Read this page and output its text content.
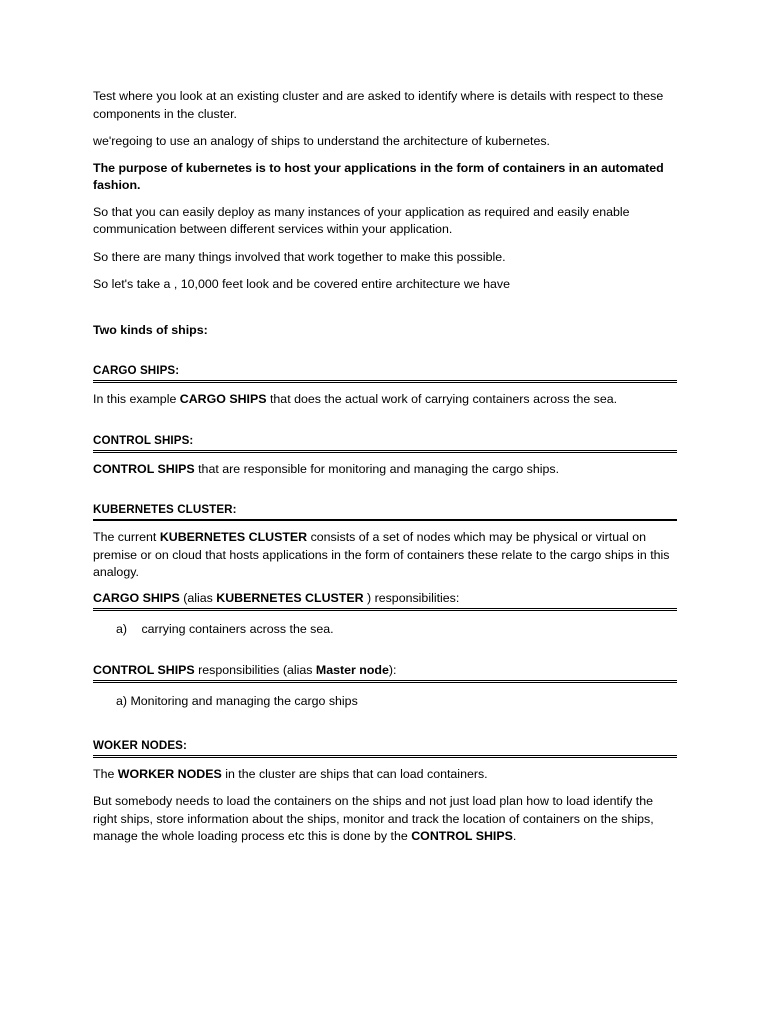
Test where you look at an existing cluster and are asked to identify where is details with respect to these components in the cluster.

we'regoing to use an analogy of ships to understand the architecture of kubernetes.

The purpose of kubernetes is to host your applications in the form of containers in an automated fashion.

So that you can easily deploy as many instances of your application as required and easily enable communication between different services within your application.

So there are many things involved that work together to make this possible.

So let's take a , 10,000 feet look and be covered entire architecture we have

Two kinds of ships:

CARGO SHIPS:

In this example CARGO SHIPS that does the actual work of carrying containers across the sea.

CONTROL SHIPS:

CONTROL SHIPS that are responsible for monitoring and managing the cargo ships.

KUBERNETES CLUSTER:

The current KUBERNETES CLUSTER consists of a set of nodes which may be physical or virtual on premise or on cloud that hosts applications in the form of containers these relate to the cargo ships in this analogy.

CARGO SHIPS (alias KUBERNETES CLUSTER ) responsibilities:

a) carrying containers across the sea.

CONTROL SHIPS responsibilities (alias Master node):

a) Monitoring and managing the cargo ships

WOKER NODES:

The WORKER NODES in the cluster are ships that can load containers.

But somebody needs to load the containers on the ships and not just load plan how to load identify the right ships, store information about the ships, monitor and track the location of containers on the ships, manage the whole loading process etc this is done by the CONTROL SHIPS.
